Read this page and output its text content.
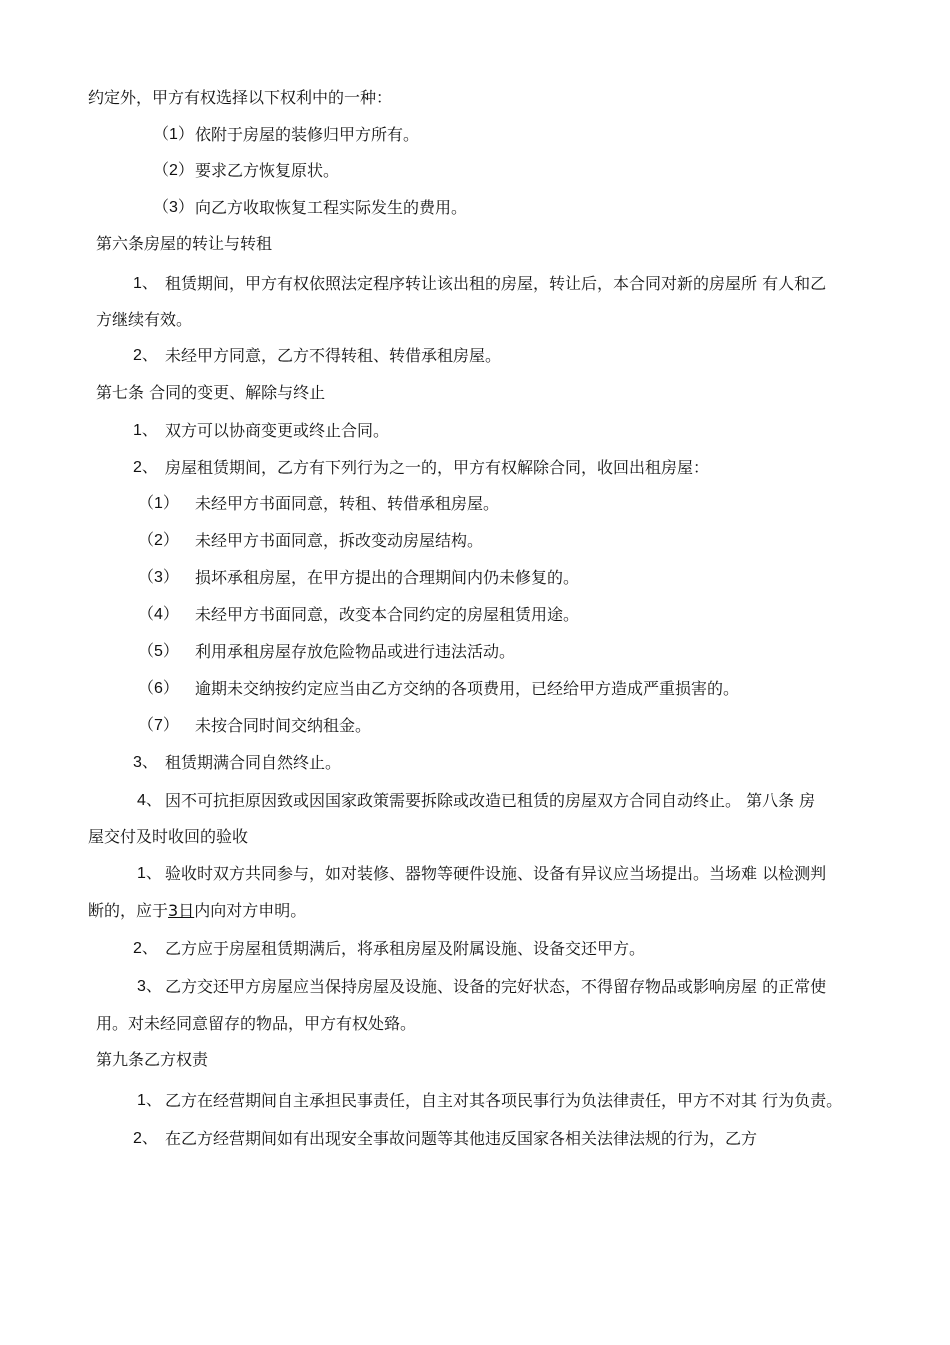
约定外，甲方有权选择以下权利中的一种：
（1） 依附于房屋的装修归甲方所有。
（2） 要求乙方恢复原状。
（3） 向乙方收取恢复工程实际发生的费用。
第六条房屋的转让与转租
1、 租赁期间，甲方有权依照法定程序转让该出租的房屋，转让后，本合同对新的房屋所 有人和乙
方继续有效。
2、 未经甲方同意，乙方不得转租、转借承租房屋。
第七条 合同的变更、解除与终止
1、 双方可以协商变更或终止合同。
2、 房屋租赁期间，乙方有下列行为之一的，甲方有权解除合同，收回出租房屋：
（1） 未经甲方书面同意，转租、转借承租房屋。
（2） 未经甲方书面同意，拆改变动房屋结构。
（3） 损坏承租房屋，在甲方提出的合理期间内仍未修复的。
（4） 未经甲方书面同意，改变本合同约定的房屋租赁用途。
（5） 利用承租房屋存放危险物品或进行违法活动。
（6） 逾期未交纳按约定应当由乙方交纳的各项费用，已经给甲方造成严重损害的。
（7） 未按合同时间交纳租金。
3、 租赁期满合同自然终止。
4、 因不可抗拒原因致或因国家政策需要拆除或改造已租赁的房屋双方合同自动终止。 第八条 房
屋交付及时收回的验收
1、 验收时双方共同参与，如对装修、器物等硬件设施、设备有异议应当场提出。当场难 以检测判
断的，应于3日内向对方申明。
2、 乙方应于房屋租赁期满后，将承租房屋及附属设施、设备交还甲方。
3、 乙方交还甲方房屋应当保持房屋及设施、设备的完好状态，不得留存物品或影响房屋 的正常使
用。对未经同意留存的物品，甲方有权处臵。
第九条乙方权责
1、 乙方在经营期间自主承担民事责任，自主对其各项民事行为负法律责任，甲方不对其 行为负责。
2、 在乙方经营期间如有出现安全事故问题等其他违反国家各相关法律法规的行为，乙方
